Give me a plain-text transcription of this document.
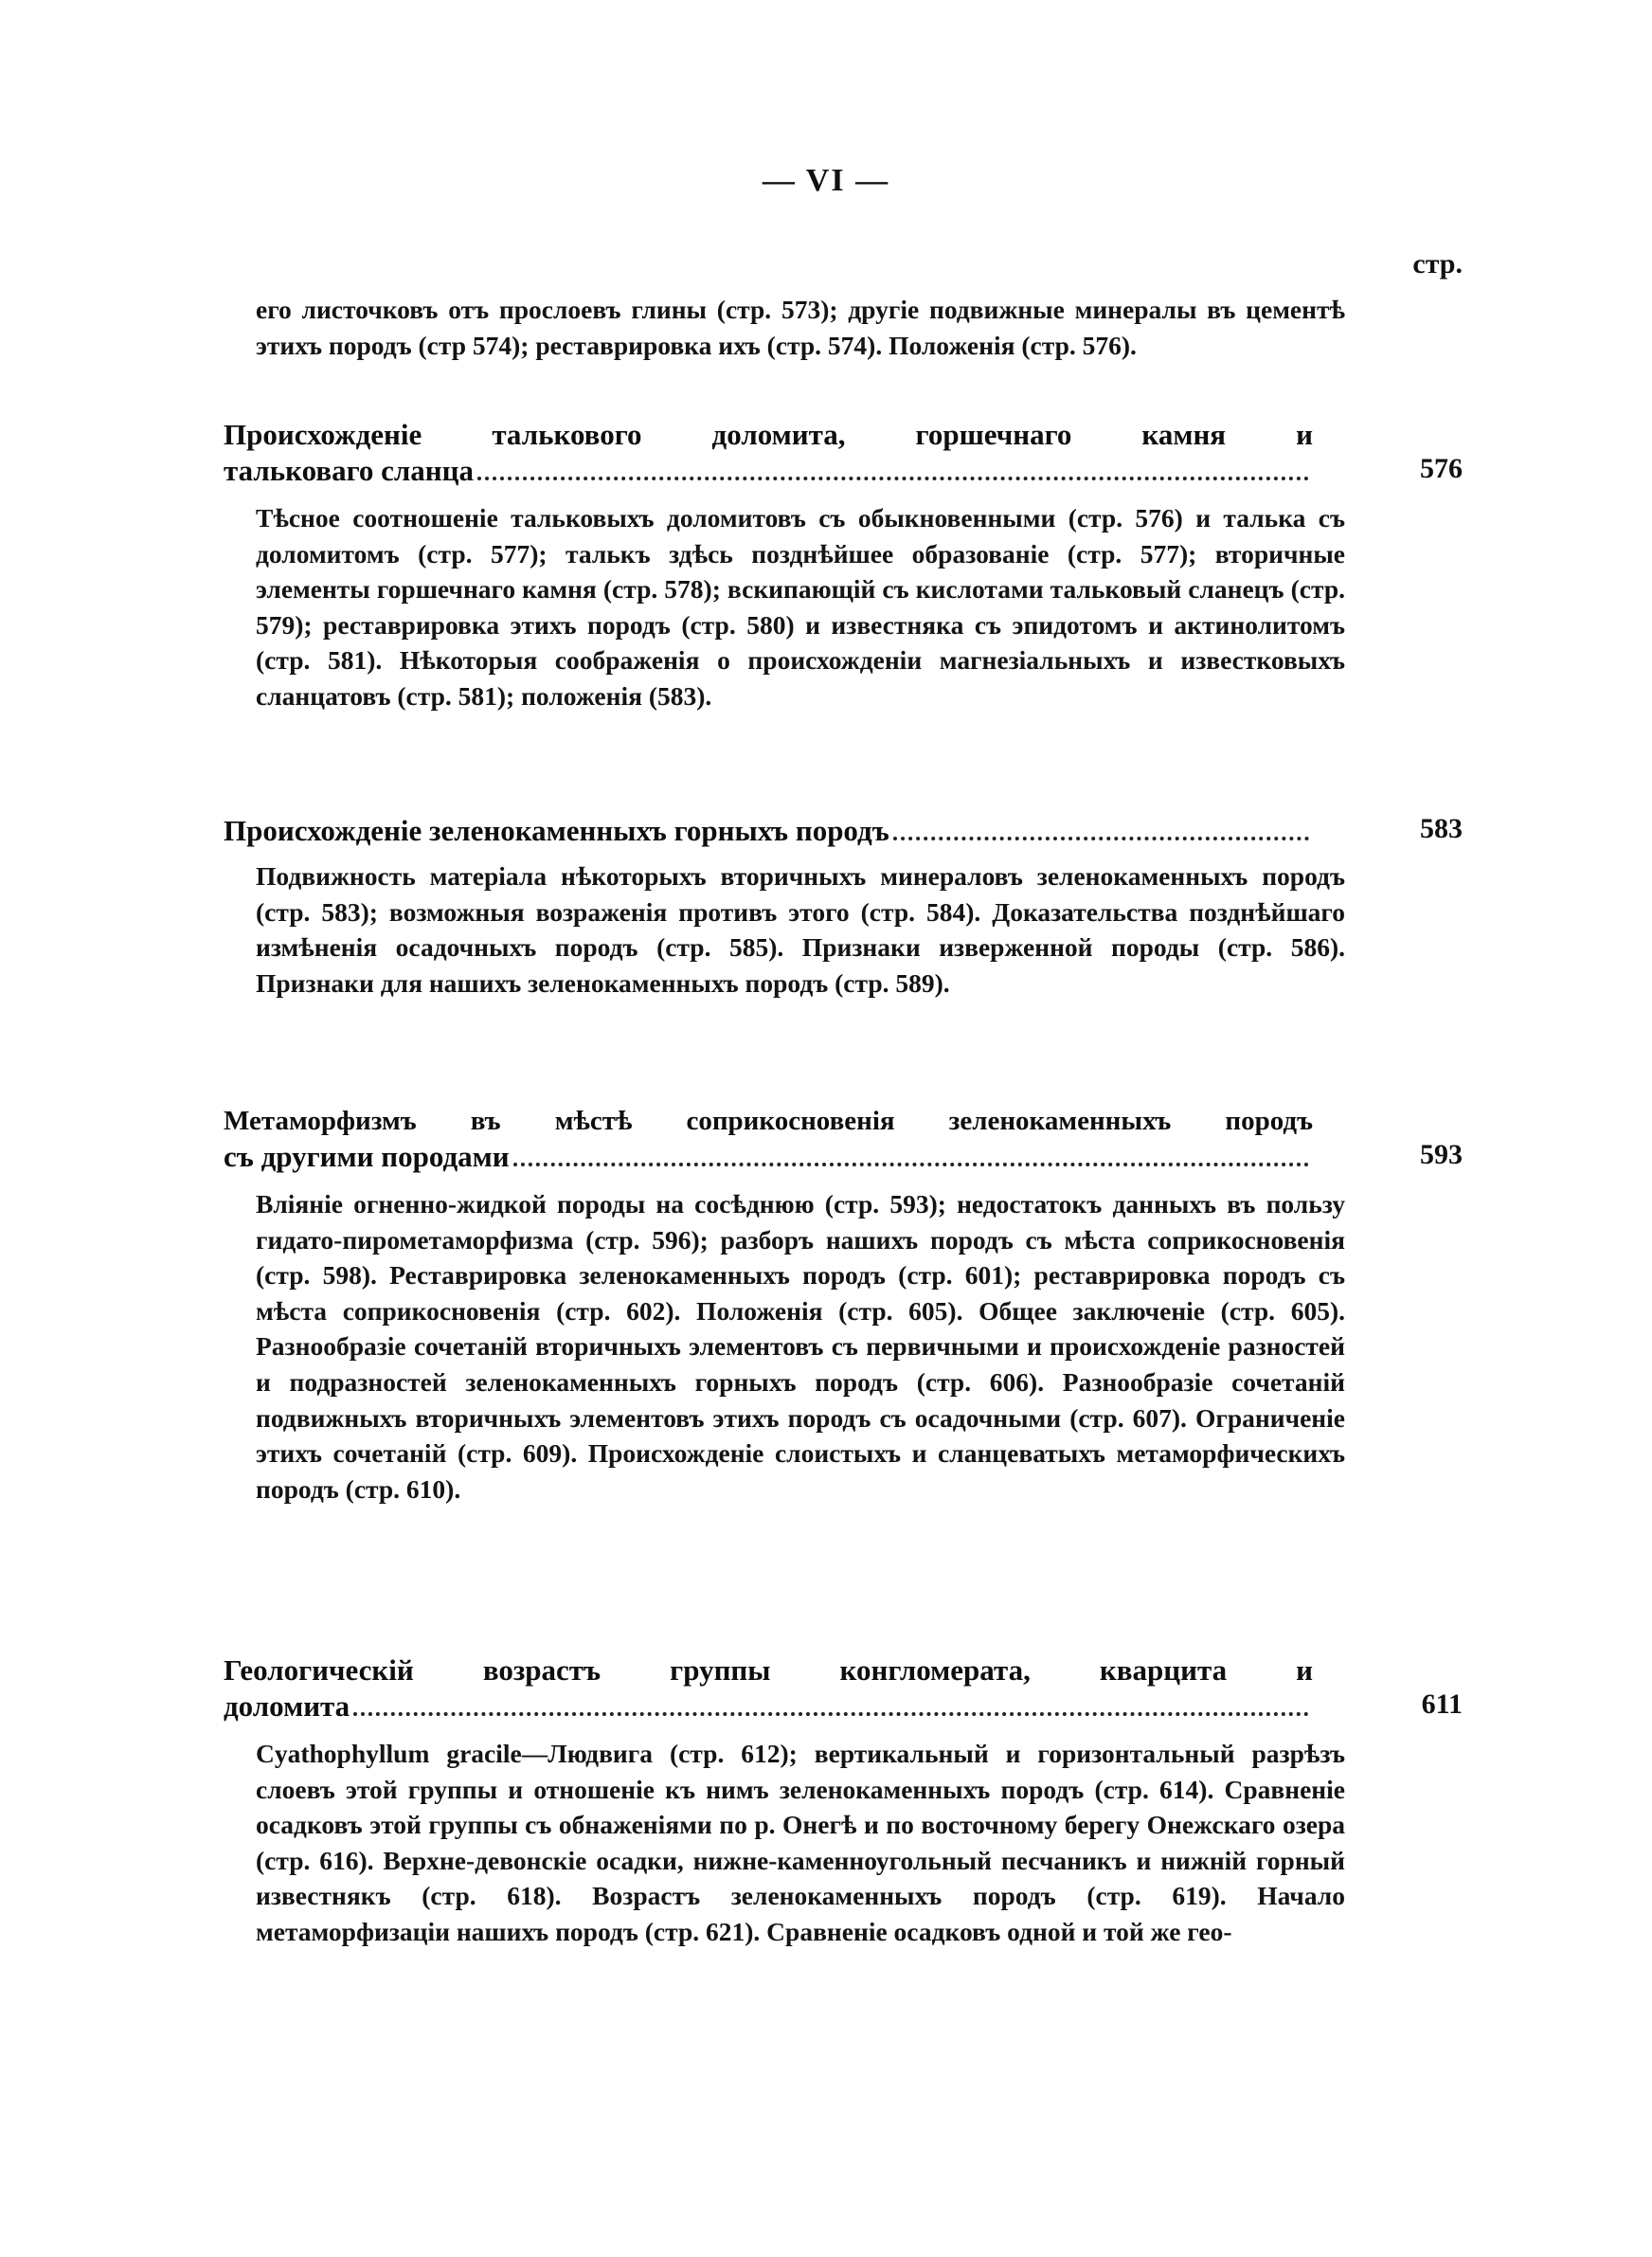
— VI —
стр.
его листочковъ отъ прослоевъ глины (стр. 573); другіе подвижные минералы въ цементѣ этихъ породъ (стр 574); реставрировка ихъ (стр. 574). Положенія (стр. 576).
Происхожденіе талькового доломита, горшечнаго камня и
тальковаго сланца	576
Тѣсное соотношеніе тальковыхъ доломитовъ съ обыкновенными (стр. 576) и талька съ доломитомъ (стр. 577); талькъ здѣсь позднѣйшее образованіе (стр. 577); вторичные элементы горшечнаго камня (стр. 578); вскипающій съ кислотами тальковый сланецъ (стр. 579); реставрировка этихъ породъ (стр. 580) и известняка съ эпидотомъ и актинолитомъ (стр. 581). Нѣкоторыя соображенія о происхожденіи магнезіальныхъ и известковыхъ сланцатовъ (стр. 581); положенія (583).
Происхожденіе зеленокаменныхъ горныхъ породъ	583
Подвижность матеріала нѣкоторыхъ вторичныхъ минераловъ зеленокаменныхъ породъ (стр. 583); возможныя возраженія противъ этого (стр. 584). Доказательства позднѣйшаго измѣненія осадочныхъ породъ (стр. 585). Признаки изверженной породы (стр. 586). Признаки для нашихъ зеленокаменныхъ породъ (стр. 589).
Метаморфизмъ въ мѣстѣ соприкосновенія зеленокаменныхъ породъ
съ другими породами	593
Вліяніе огненно-жидкой породы на сосѣднюю (стр. 593); недостатокъ данныхъ въ пользу гидато-пирометаморфизма (стр. 596); разборъ нашихъ породъ съ мѣста соприкосновенія (стр. 598). Реставрировка зеленокаменныхъ породъ (стр. 601); реставрировка породъ съ мѣста соприкосновенія (стр. 602). Положенія (стр. 605). Общее заключеніе (стр. 605). Разнообразіе сочетаній вторичныхъ элементовъ съ первичными и происхожденіе разностей и подразностей зеленокаменныхъ горныхъ породъ (стр. 606). Разнообразіе сочетаній подвижныхъ вторичныхъ элементовъ этихъ породъ съ осадочными (стр. 607). Ограниченіе этихъ сочетаній (стр. 609). Происхожденіе слоистыхъ и сланцеватыхъ метаморфическихъ породъ (стр. 610).
Геологическій возрастъ группы конгломерата, кварцита и
доломита	611
Cyathophyllum gracile—Людвига (стр. 612); вертикальный и горизонтальный разрѣзъ слоевъ этой группы и отношеніе къ нимъ зеленокаменныхъ породъ (стр. 614). Сравненіе осадковъ этой группы съ обнаженіями по р. Онегѣ и по восточному берегу Онежскаго озера (стр. 616). Верхне-девонскіе осадки, нижне-каменноугольный песчаникъ и нижній горный известнякъ (стр. 618). Возрастъ зеленокаменныхъ породъ (стр. 619). Начало метаморфизаціи нашихъ породъ (стр. 621). Сравненіе осадковъ одной и той же гео-
